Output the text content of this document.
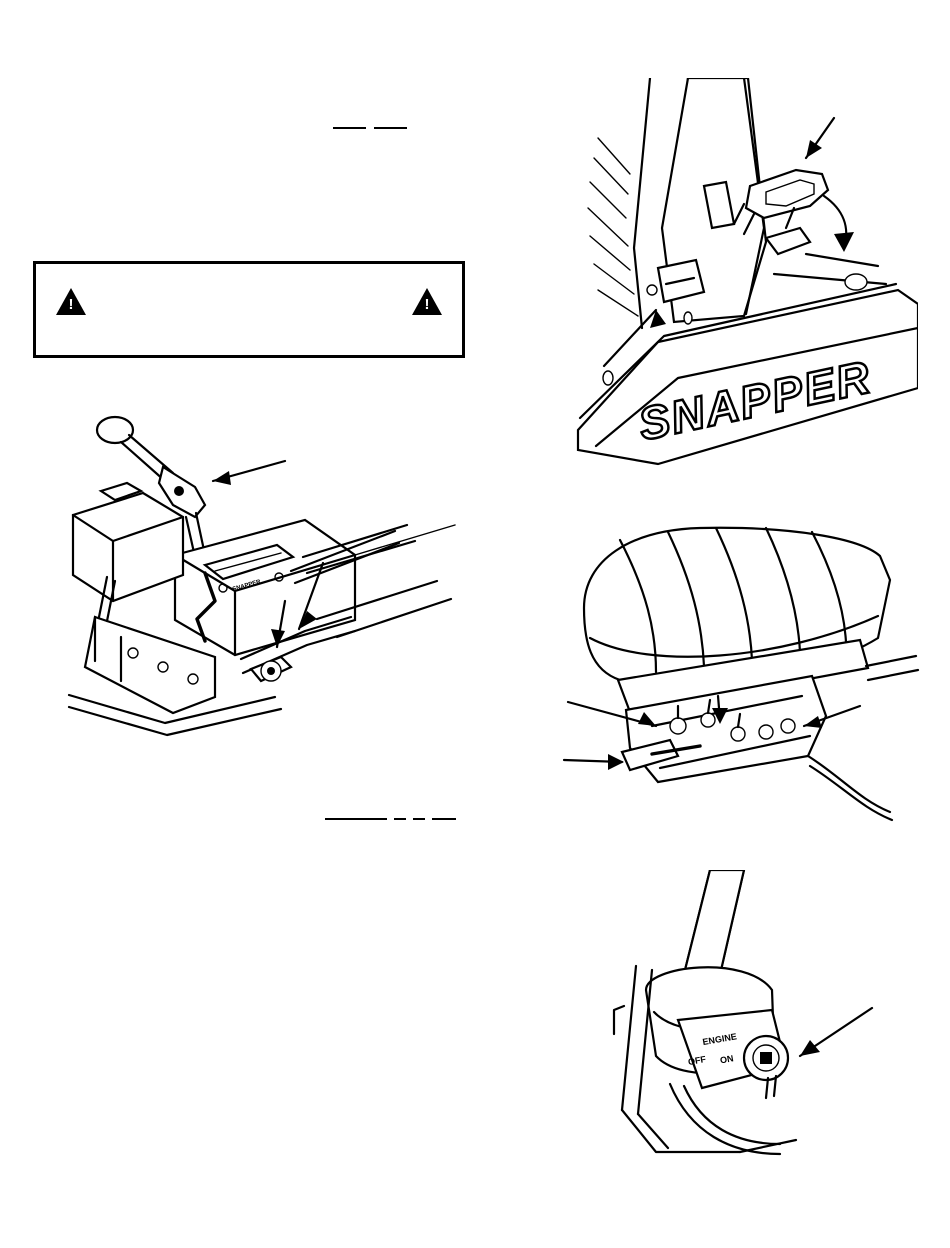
!	!
SNAPPER
SNAPPER
ENGINE
OFF ON
